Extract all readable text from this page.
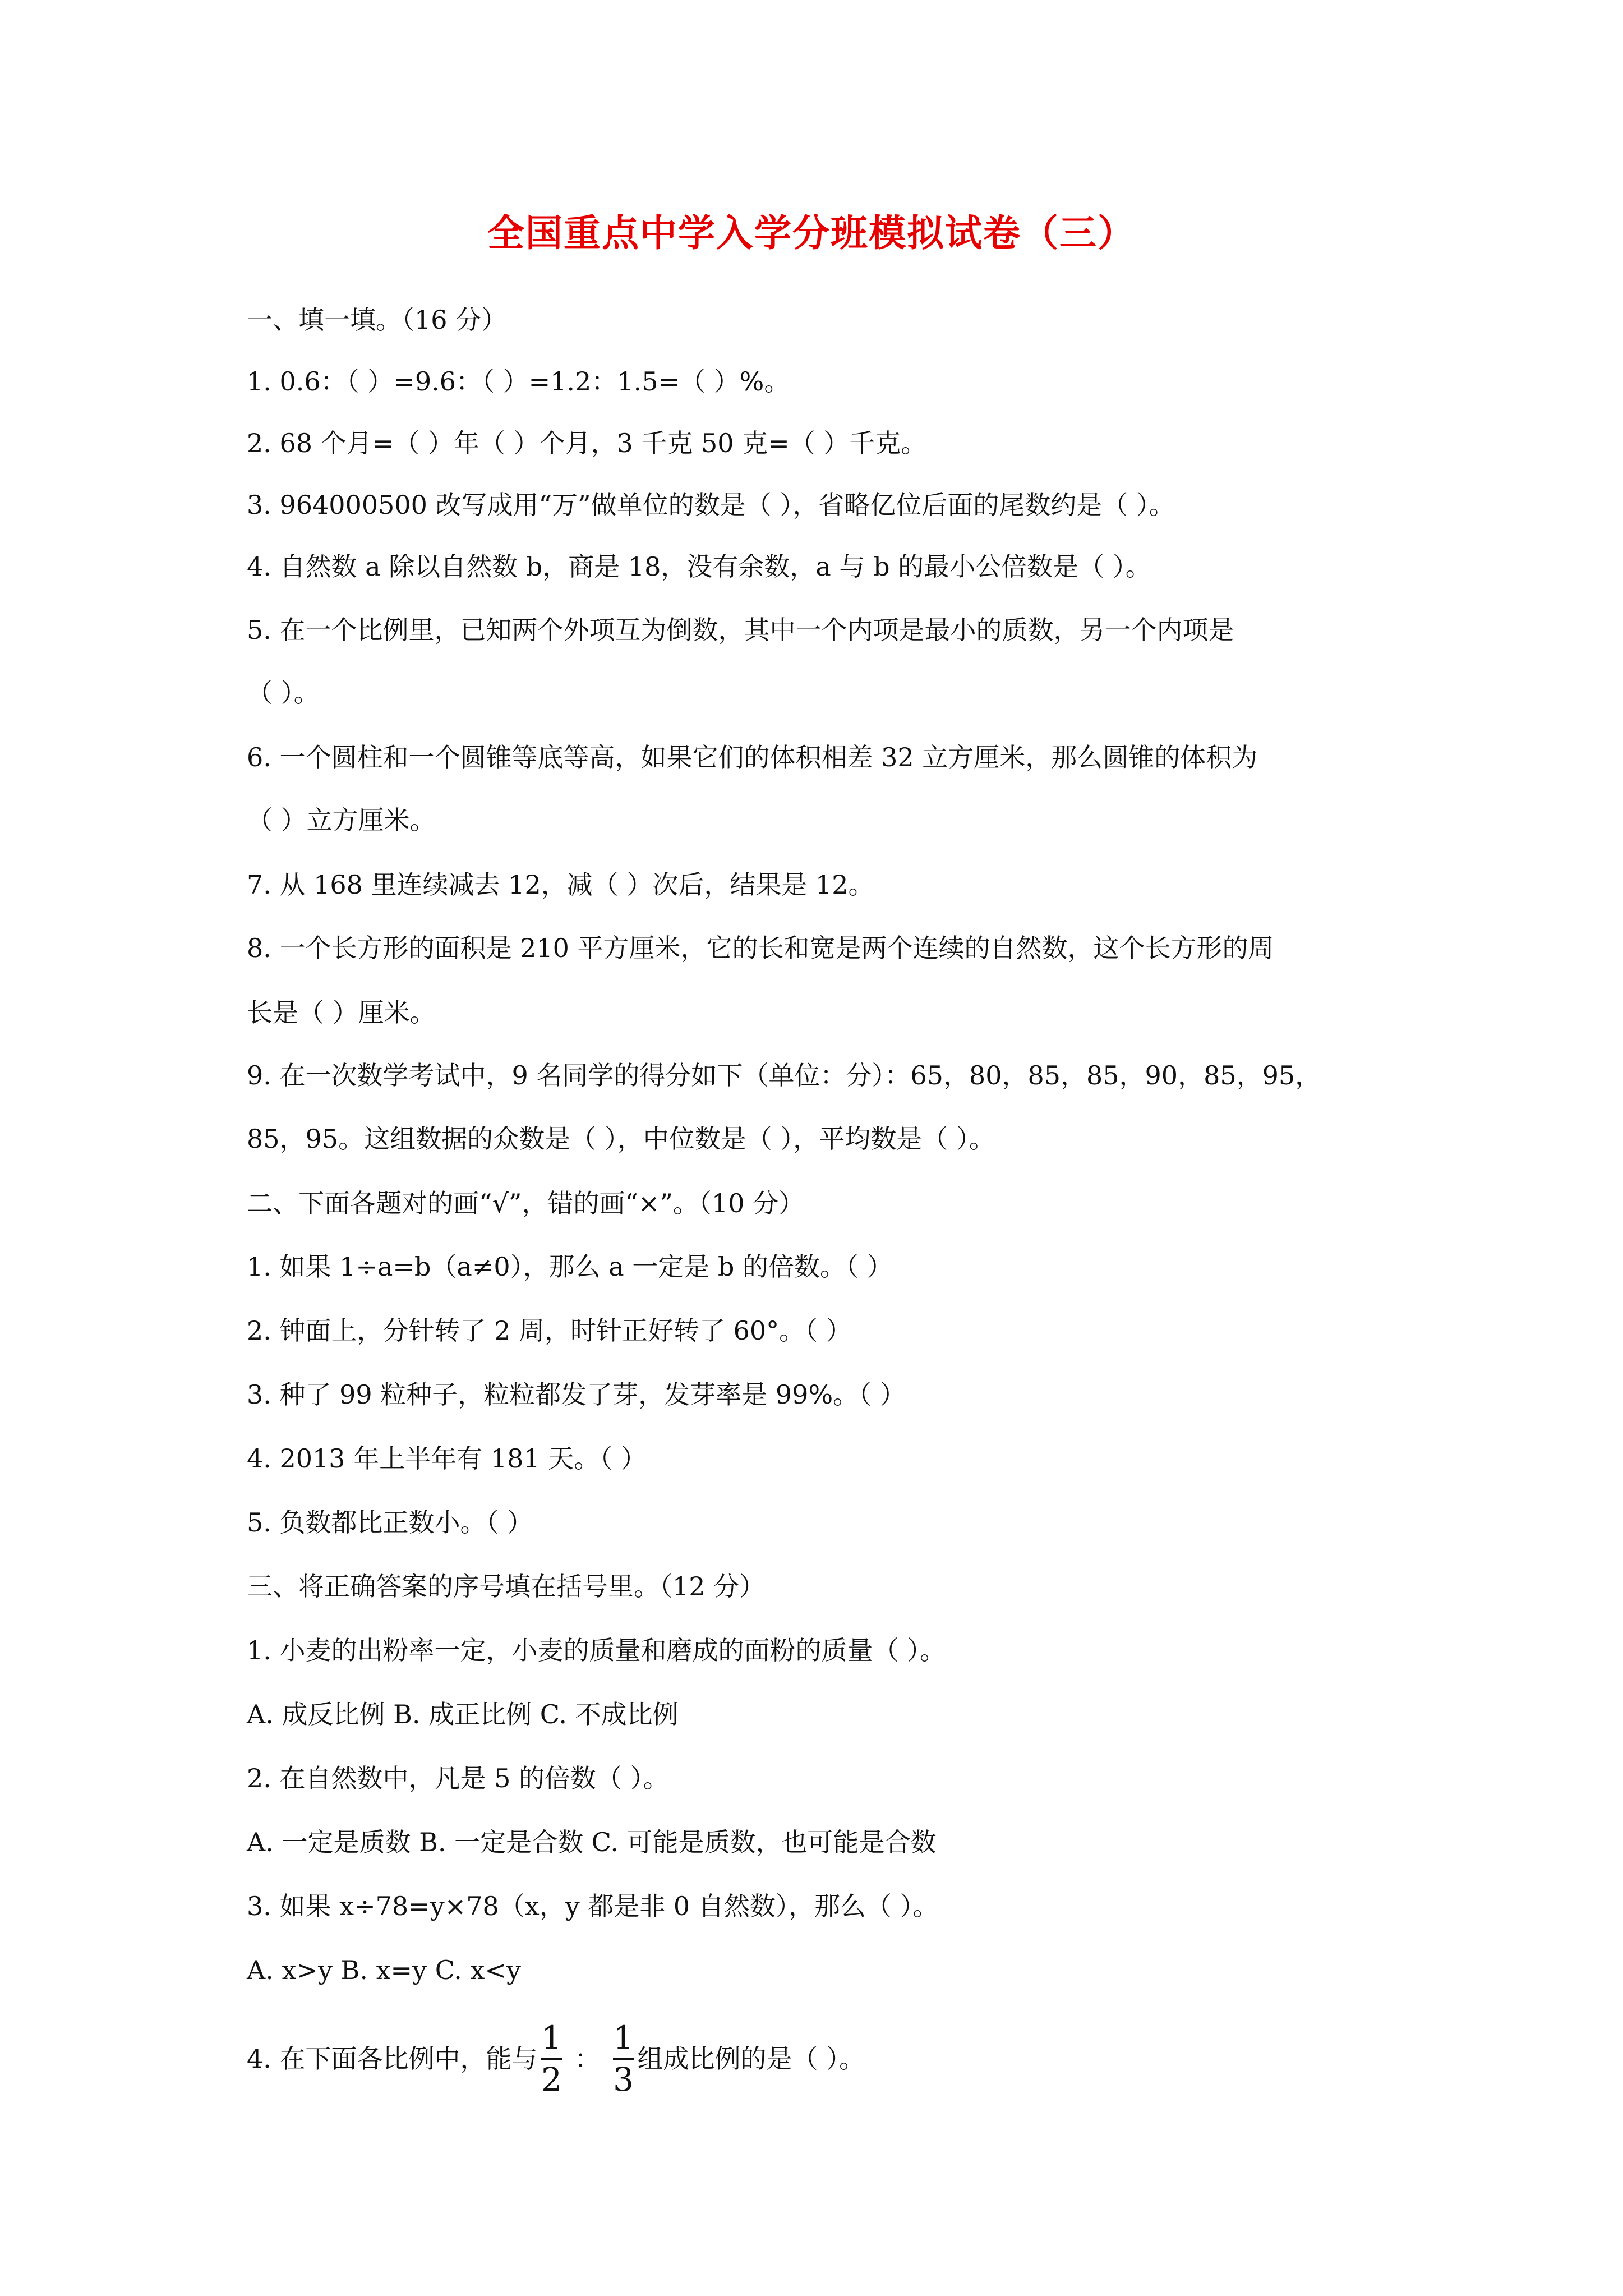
全国重点中学入学分班模拟试卷（三）
一、填一填。（16 分）
1. 0.6：（ ）=9.6：（ ）=1.2：1.5=（ ）%。
2. 68 个月=（ ）年（ ）个月，3 千克 50 克=（ ）千克。
3. 964000500 改写成用“万”做单位的数是（ ），省略亿位后面的尾数约是（ ）。
4. 自然数 a 除以自然数 b，商是 18，没有余数，a 与 b 的最小公倍数是（ ）。
5. 在一个比例里，已知两个外项互为倒数，其中一个内项是最小的质数，另一个内项是
（ ）。
6. 一个圆柱和一个圆锥等底等高，如果它们的体积相差 32 立方厘米，那么圆锥的体积为
（ ）立方厘米。
7. 从 168 里连续减去 12，减（ ）次后，结果是 12。
8. 一个长方形的面积是 210 平方厘米，它的长和宽是两个连续的自然数，这个长方形的周
长是（ ）厘米。
9. 在一次数学考试中，9 名同学的得分如下（单位：分）：65，80，85，85，90，85，95，
85，95。这组数据的众数是（ ），中位数是（ ），平均数是（ ）。
二、下面各题对的画“√”，错的画“×”。（10 分）
1. 如果 1÷a=b（a≠0），那么 a 一定是 b 的倍数。（ ）
2. 钟面上，分针转了 2 周，时针正好转了 60°。（ ）
3. 种了 99 粒种子，粒粒都发了芽，发芽率是 99%。（ ）
4. 2013 年上半年有 181 天。（ ）
5. 负数都比正数小。（ ）
三、将正确答案的序号填在括号里。（12 分）
1. 小麦的出粉率一定，小麦的质量和磨成的面粉的质量（ ）。
A. 成反比例 B. 成正比例 C. 不成比例
2. 在自然数中，凡是 5 的倍数（ ）。
A. 一定是质数 B. 一定是合数 C. 可能是质数，也可能是合数
3. 如果 x÷78=y×78（x，y 都是非 0 自然数），那么（ ）。
A. x>y B. x=y C. x<y
4. 在下面各比例中，能与 $\frac{1}{2}$ ： $\frac{1}{3}$ 组成比例的是（ ）。
